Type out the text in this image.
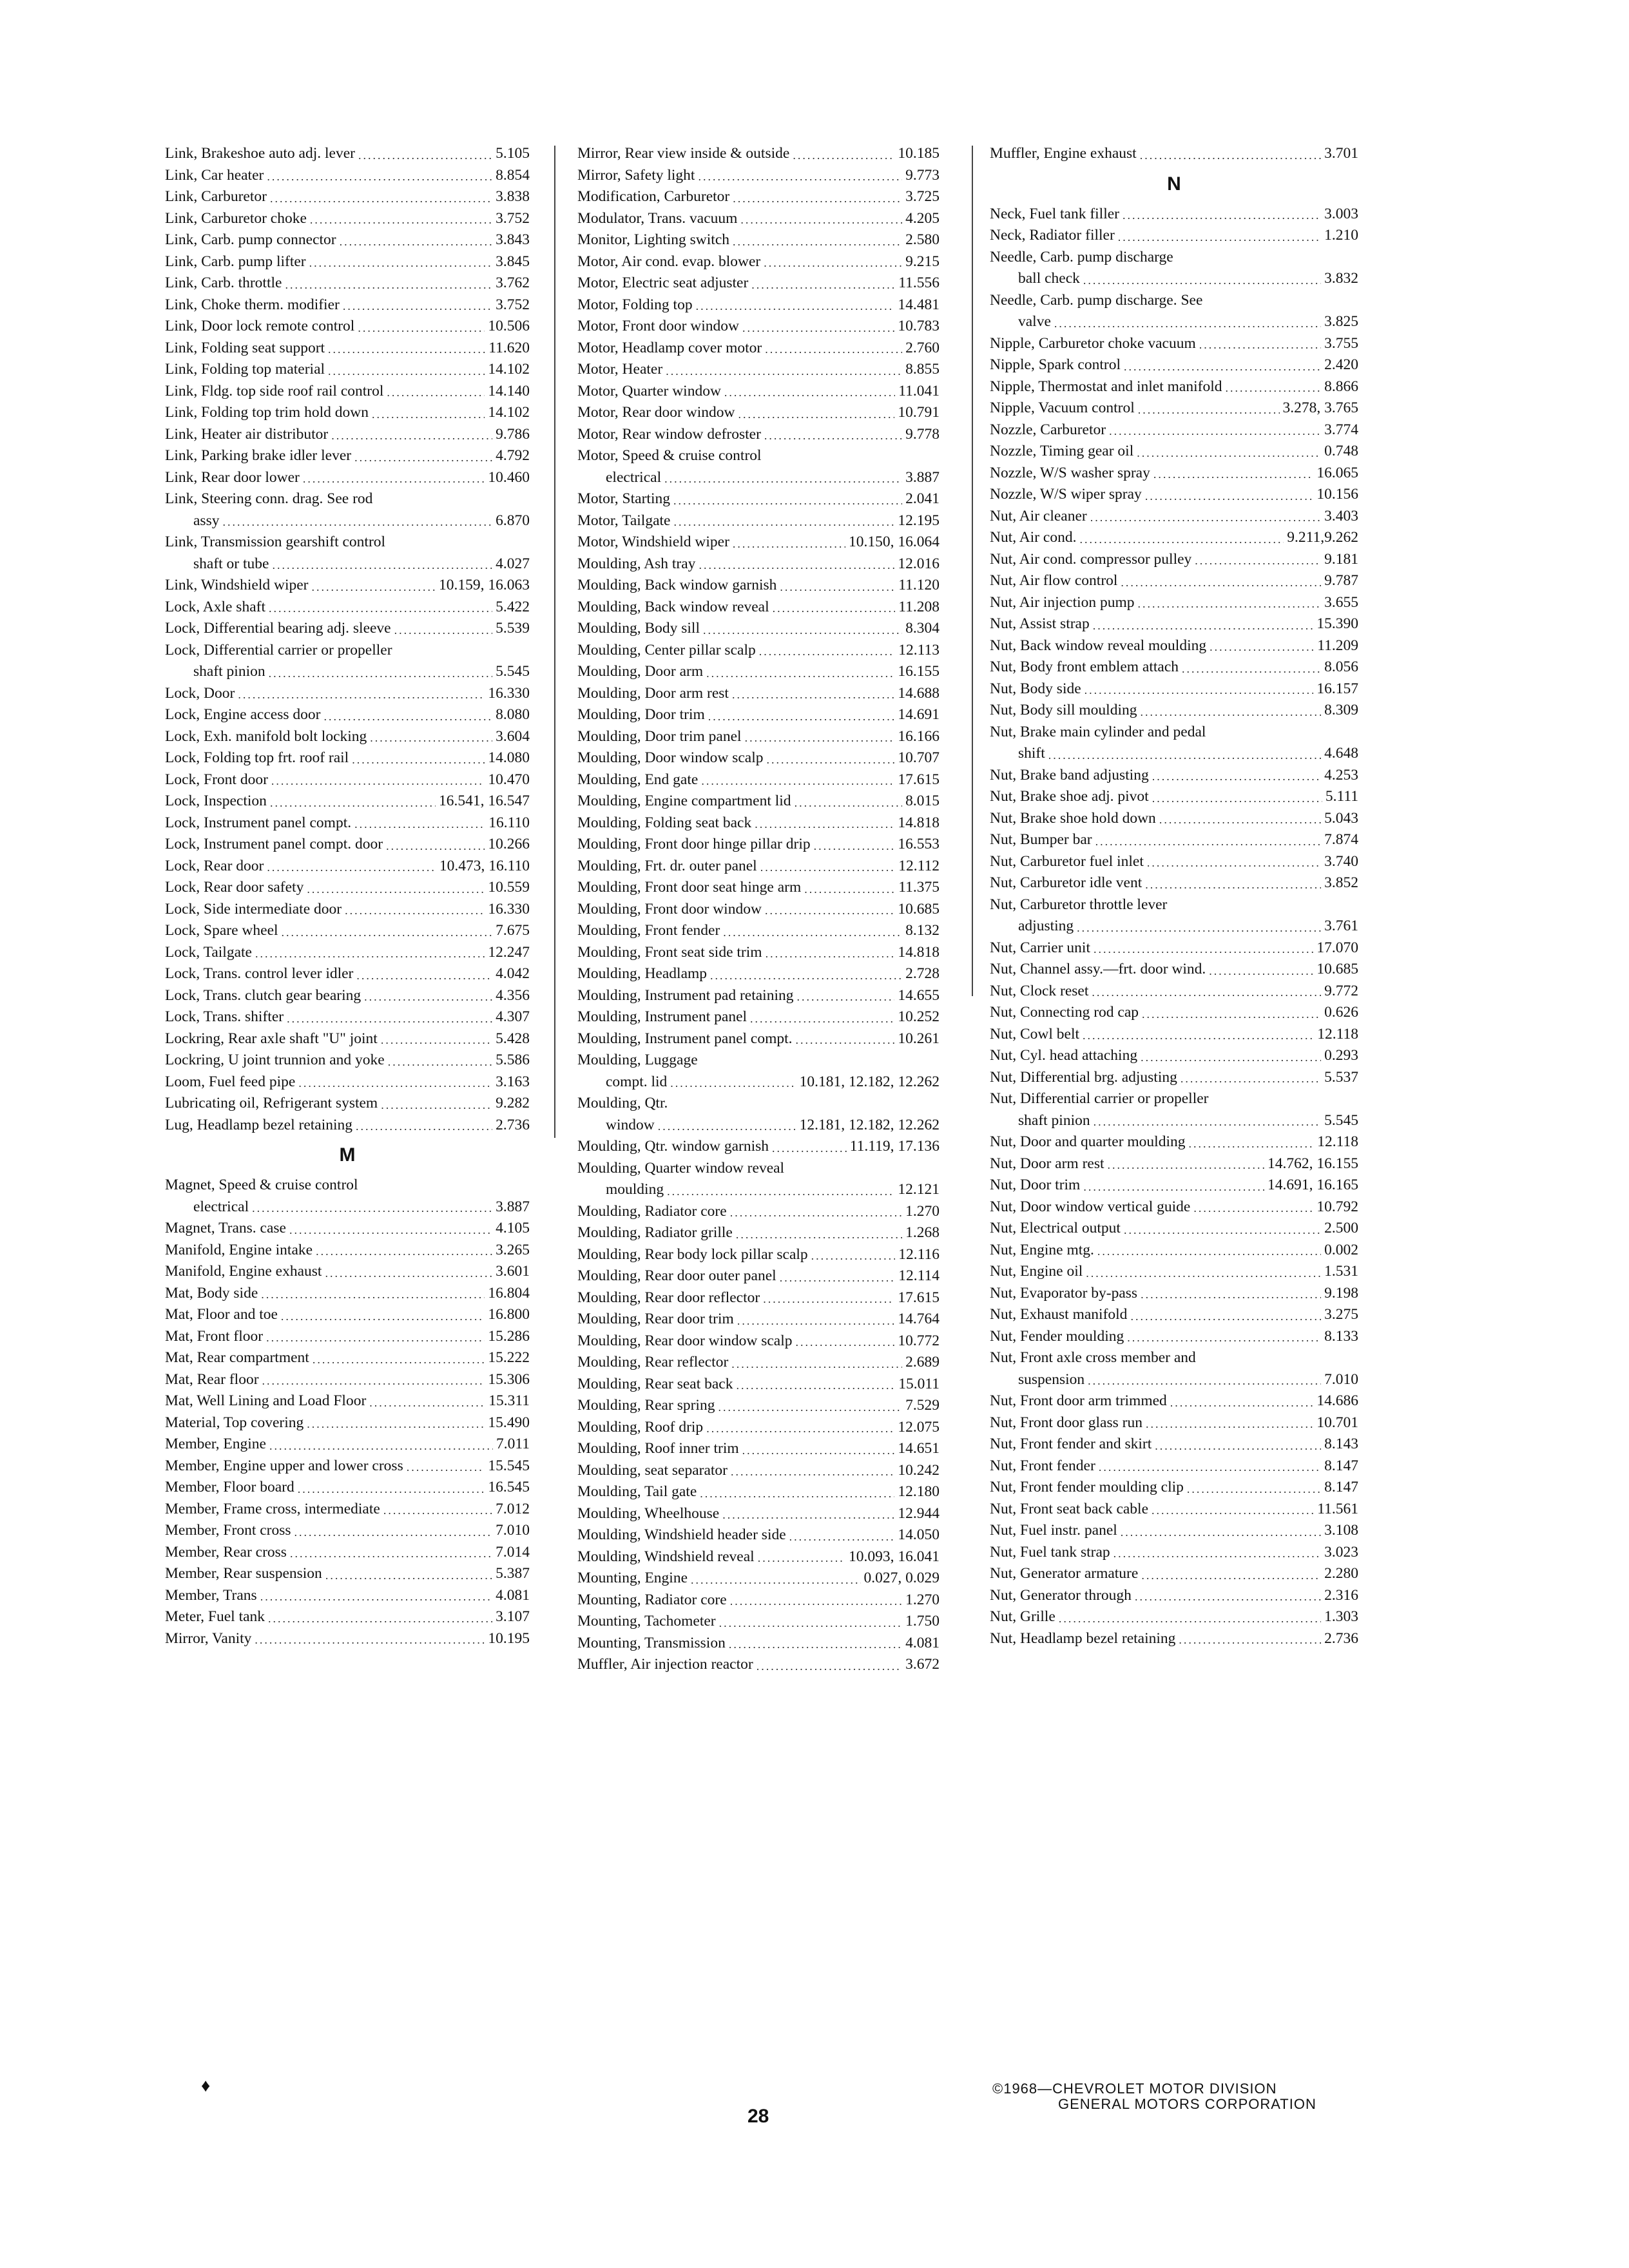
Link, Brakeshoe auto adj. lever .....	5.105
Link, Car heater .....	8.854
Link, Carburetor .....	3.838
Link, Carburetor choke .....	3.752
Link, Carb. pump connector .....	3.843
Link, Carb. pump lifter .....	3.845
Link, Carb. throttle .....	3.762
Link, Choke therm. modifier .....	3.752
Link, Door lock remote control .....	10.506
Link, Folding seat support .....	11.620
Link, Folding top material .....	14.102
Link, Fldg. top side roof rail control .....	14.140
Link, Folding top trim hold down .....	14.102
Link, Heater air distributor .....	9.786
Link, Parking brake idler lever .....	4.792
Link, Rear door lower .....	10.460
Link, Steering conn. drag. See rod
assy .....	6.870
Link, Transmission gearshift control
shaft or tube .....	4.027
Link, Windshield wiper .....	10.159, 16.063
Lock, Axle shaft .....	5.422
Lock, Differential bearing adj. sleeve .....	5.539
Lock, Differential carrier or propeller
shaft pinion .....	5.545
Lock, Door .....	16.330
Lock, Engine access door .....	8.080
Lock, Exh. manifold bolt locking .....	3.604
Lock, Folding top frt. roof rail .....	14.080
Lock, Front door .....	10.470
Lock, Inspection .....	16.541, 16.547
Lock, Instrument panel compt. .....	16.110
Lock, Instrument panel compt. door .....	10.266
Lock, Rear door .....	10.473, 16.110
Lock, Rear door safety .....	10.559
Lock, Side intermediate door .....	16.330
Lock, Spare wheel .....	7.675
Lock, Tailgate .....	12.247
Lock, Trans. control lever idler .....	4.042
Lock, Trans. clutch gear bearing .....	4.356
Lock, Trans. shifter .....	4.307
Lockring, Rear axle shaft "U" joint .....	5.428
Lockring, U joint trunnion and yoke .....	5.586
Loom, Fuel feed pipe .....	3.163
Lubricating oil, Refrigerant system .....	9.282
Lug, Headlamp bezel retaining .....	2.736
M
Magnet, Speed & cruise control
electrical .....	3.887
Magnet, Trans. case .....	4.105
Manifold, Engine intake .....	3.265
Manifold, Engine exhaust .....	3.601
Mat, Body side .....	16.804
Mat, Floor and toe .....	16.800
Mat, Front floor .....	15.286
Mat, Rear compartment .....	15.222
Mat, Rear floor .....	15.306
Mat, Well Lining and Load Floor .....	15.311
Material, Top covering .....	15.490
Member, Engine .....	7.011
Member, Engine upper and lower cross .....	15.545
Member, Floor board .....	16.545
Member, Frame cross, intermediate .....	7.012
Member, Front cross .....	7.010
Member, Rear cross .....	7.014
Member, Rear suspension .....	5.387
Member, Trans .....	4.081
Meter, Fuel tank .....	3.107
Mirror, Vanity .....	10.195
Mirror, Rear view inside & outside .....	10.185
Mirror, Safety light .....	9.773
Modification, Carburetor .....	3.725
Modulator, Trans. vacuum .....	4.205
Monitor, Lighting switch .....	2.580
Motor, Air cond. evap. blower .....	9.215
Motor, Electric seat adjuster .....	11.556
Motor, Folding top .....	14.481
Motor, Front door window .....	10.783
Motor, Headlamp cover motor .....	2.760
Motor, Heater .....	8.855
Motor, Quarter window .....	11.041
Motor, Rear door window .....	10.791
Motor, Rear window defroster .....	9.778
Motor, Speed & cruise control
electrical .....	3.887
Motor, Starting .....	2.041
Motor, Tailgate .....	12.195
Motor, Windshield wiper .....	10.150, 16.064
Moulding, Ash tray .....	12.016
Moulding, Back window garnish .....	11.120
Moulding, Back window reveal .....	11.208
Moulding, Body sill .....	8.304
Moulding, Center pillar scalp .....	12.113
Moulding, Door arm .....	16.155
Moulding, Door arm rest .....	14.688
Moulding, Door trim .....	14.691
Moulding, Door trim panel .....	16.166
Moulding, Door window scalp .....	10.707
Moulding, End gate .....	17.615
Moulding, Engine compartment lid .....	8.015
Moulding, Folding seat back .....	14.818
Moulding, Front door hinge pillar drip .....	16.553
Moulding, Frt. dr. outer panel .....	12.112
Moulding, Front door seat hinge arm .....	11.375
Moulding, Front door window .....	10.685
Moulding, Front fender .....	8.132
Moulding, Front seat side trim .....	14.818
Moulding, Headlamp .....	2.728
Moulding, Instrument pad retaining .....	14.655
Moulding, Instrument panel .....	10.252
Moulding, Instrument panel compt. .....	10.261
Moulding, Luggage
compt. lid .....	10.181, 12.182, 12.262
Moulding, Qtr.
window .....	12.181, 12.182, 12.262
Moulding, Qtr. window garnish .....	11.119, 17.136
Moulding, Quarter window reveal
moulding .....	12.121
Moulding, Radiator core .....	1.270
Moulding, Radiator grille .....	1.268
Moulding, Rear body lock pillar scalp .....	12.116
Moulding, Rear door outer panel .....	12.114
Moulding, Rear door reflector .....	17.615
Moulding, Rear door trim .....	14.764
Moulding, Rear door window scalp .....	10.772
Moulding, Rear reflector .....	2.689
Moulding, Rear seat back .....	15.011
Moulding, Rear spring .....	7.529
Moulding, Roof drip .....	12.075
Moulding, Roof inner trim .....	14.651
Moulding, seat separator .....	10.242
Moulding, Tail gate .....	12.180
Moulding, Wheelhouse .....	12.944
Moulding, Windshield header side .....	14.050
Moulding, Windshield reveal .....	10.093, 16.041
Mounting, Engine .....	0.027, 0.029
Mounting, Radiator core .....	1.270
Mounting, Tachometer .....	1.750
Mounting, Transmission .....	4.081
Muffler, Air injection reactor .....	3.672
Muffler, Engine exhaust .....	3.701
N
Neck, Fuel tank filler .....	3.003
Neck, Radiator filler .....	1.210
Needle, Carb. pump discharge
ball check .....	3.832
Needle, Carb. pump discharge. See
valve .....	3.825
Nipple, Carburetor choke vacuum .....	3.755
Nipple, Spark control .....	2.420
Nipple, Thermostat and inlet manifold .....	8.866
Nipple, Vacuum control .....	3.278, 3.765
Nozzle, Carburetor .....	3.774
Nozzle, Timing gear oil .....	0.748
Nozzle, W/S washer spray .....	16.065
Nozzle, W/S wiper spray .....	10.156
Nut, Air cleaner .....	3.403
Nut, Air cond. .....	9.211,9.262
Nut, Air cond. compressor pulley .....	9.181
Nut, Air flow control .....	9.787
Nut, Air injection pump .....	3.655
Nut, Assist strap .....	15.390
Nut, Back window reveal moulding .....	11.209
Nut, Body front emblem attach .....	8.056
Nut, Body side .....	16.157
Nut, Body sill moulding .....	8.309
Nut, Brake main cylinder and pedal
shift .....	4.648
Nut, Brake band adjusting .....	4.253
Nut, Brake shoe adj. pivot .....	5.111
Nut, Brake shoe hold down .....	5.043
Nut, Bumper bar .....	7.874
Nut, Carburetor fuel inlet .....	3.740
Nut, Carburetor idle vent .....	3.852
Nut, Carburetor throttle lever
adjusting .....	3.761
Nut, Carrier unit .....	17.070
Nut, Channel assy.—frt. door wind. .....	10.685
Nut, Clock reset .....	9.772
Nut, Connecting rod cap .....	0.626
Nut, Cowl belt .....	12.118
Nut, Cyl. head attaching .....	0.293
Nut, Differential brg. adjusting .....	5.537
Nut, Differential carrier or propeller
shaft pinion .....	5.545
Nut, Door and quarter moulding .....	12.118
Nut, Door arm rest .....	14.762, 16.155
Nut, Door trim .....	14.691, 16.165
Nut, Door window vertical guide .....	10.792
Nut, Electrical output .....	2.500
Nut, Engine mtg. .....	0.002
Nut, Engine oil .....	1.531
Nut, Evaporator by-pass .....	9.198
Nut, Exhaust manifold .....	3.275
Nut, Fender moulding .....	8.133
Nut, Front axle cross member and
suspension .....	7.010
Nut, Front door arm trimmed .....	14.686
Nut, Front door glass run .....	10.701
Nut, Front fender and skirt .....	8.143
Nut, Front fender .....	8.147
Nut, Front fender moulding clip .....	8.147
Nut, Front seat back cable .....	11.561
Nut, Fuel instr. panel .....	3.108
Nut, Fuel tank strap .....	3.023
Nut, Generator armature .....	2.280
Nut, Generator through .....	2.316
Nut, Grille .....	1.303
Nut, Headlamp bezel retaining .....	2.736
♦
28
©1968—CHEVROLET MOTOR DIVISION
GENERAL MOTORS CORPORATION
